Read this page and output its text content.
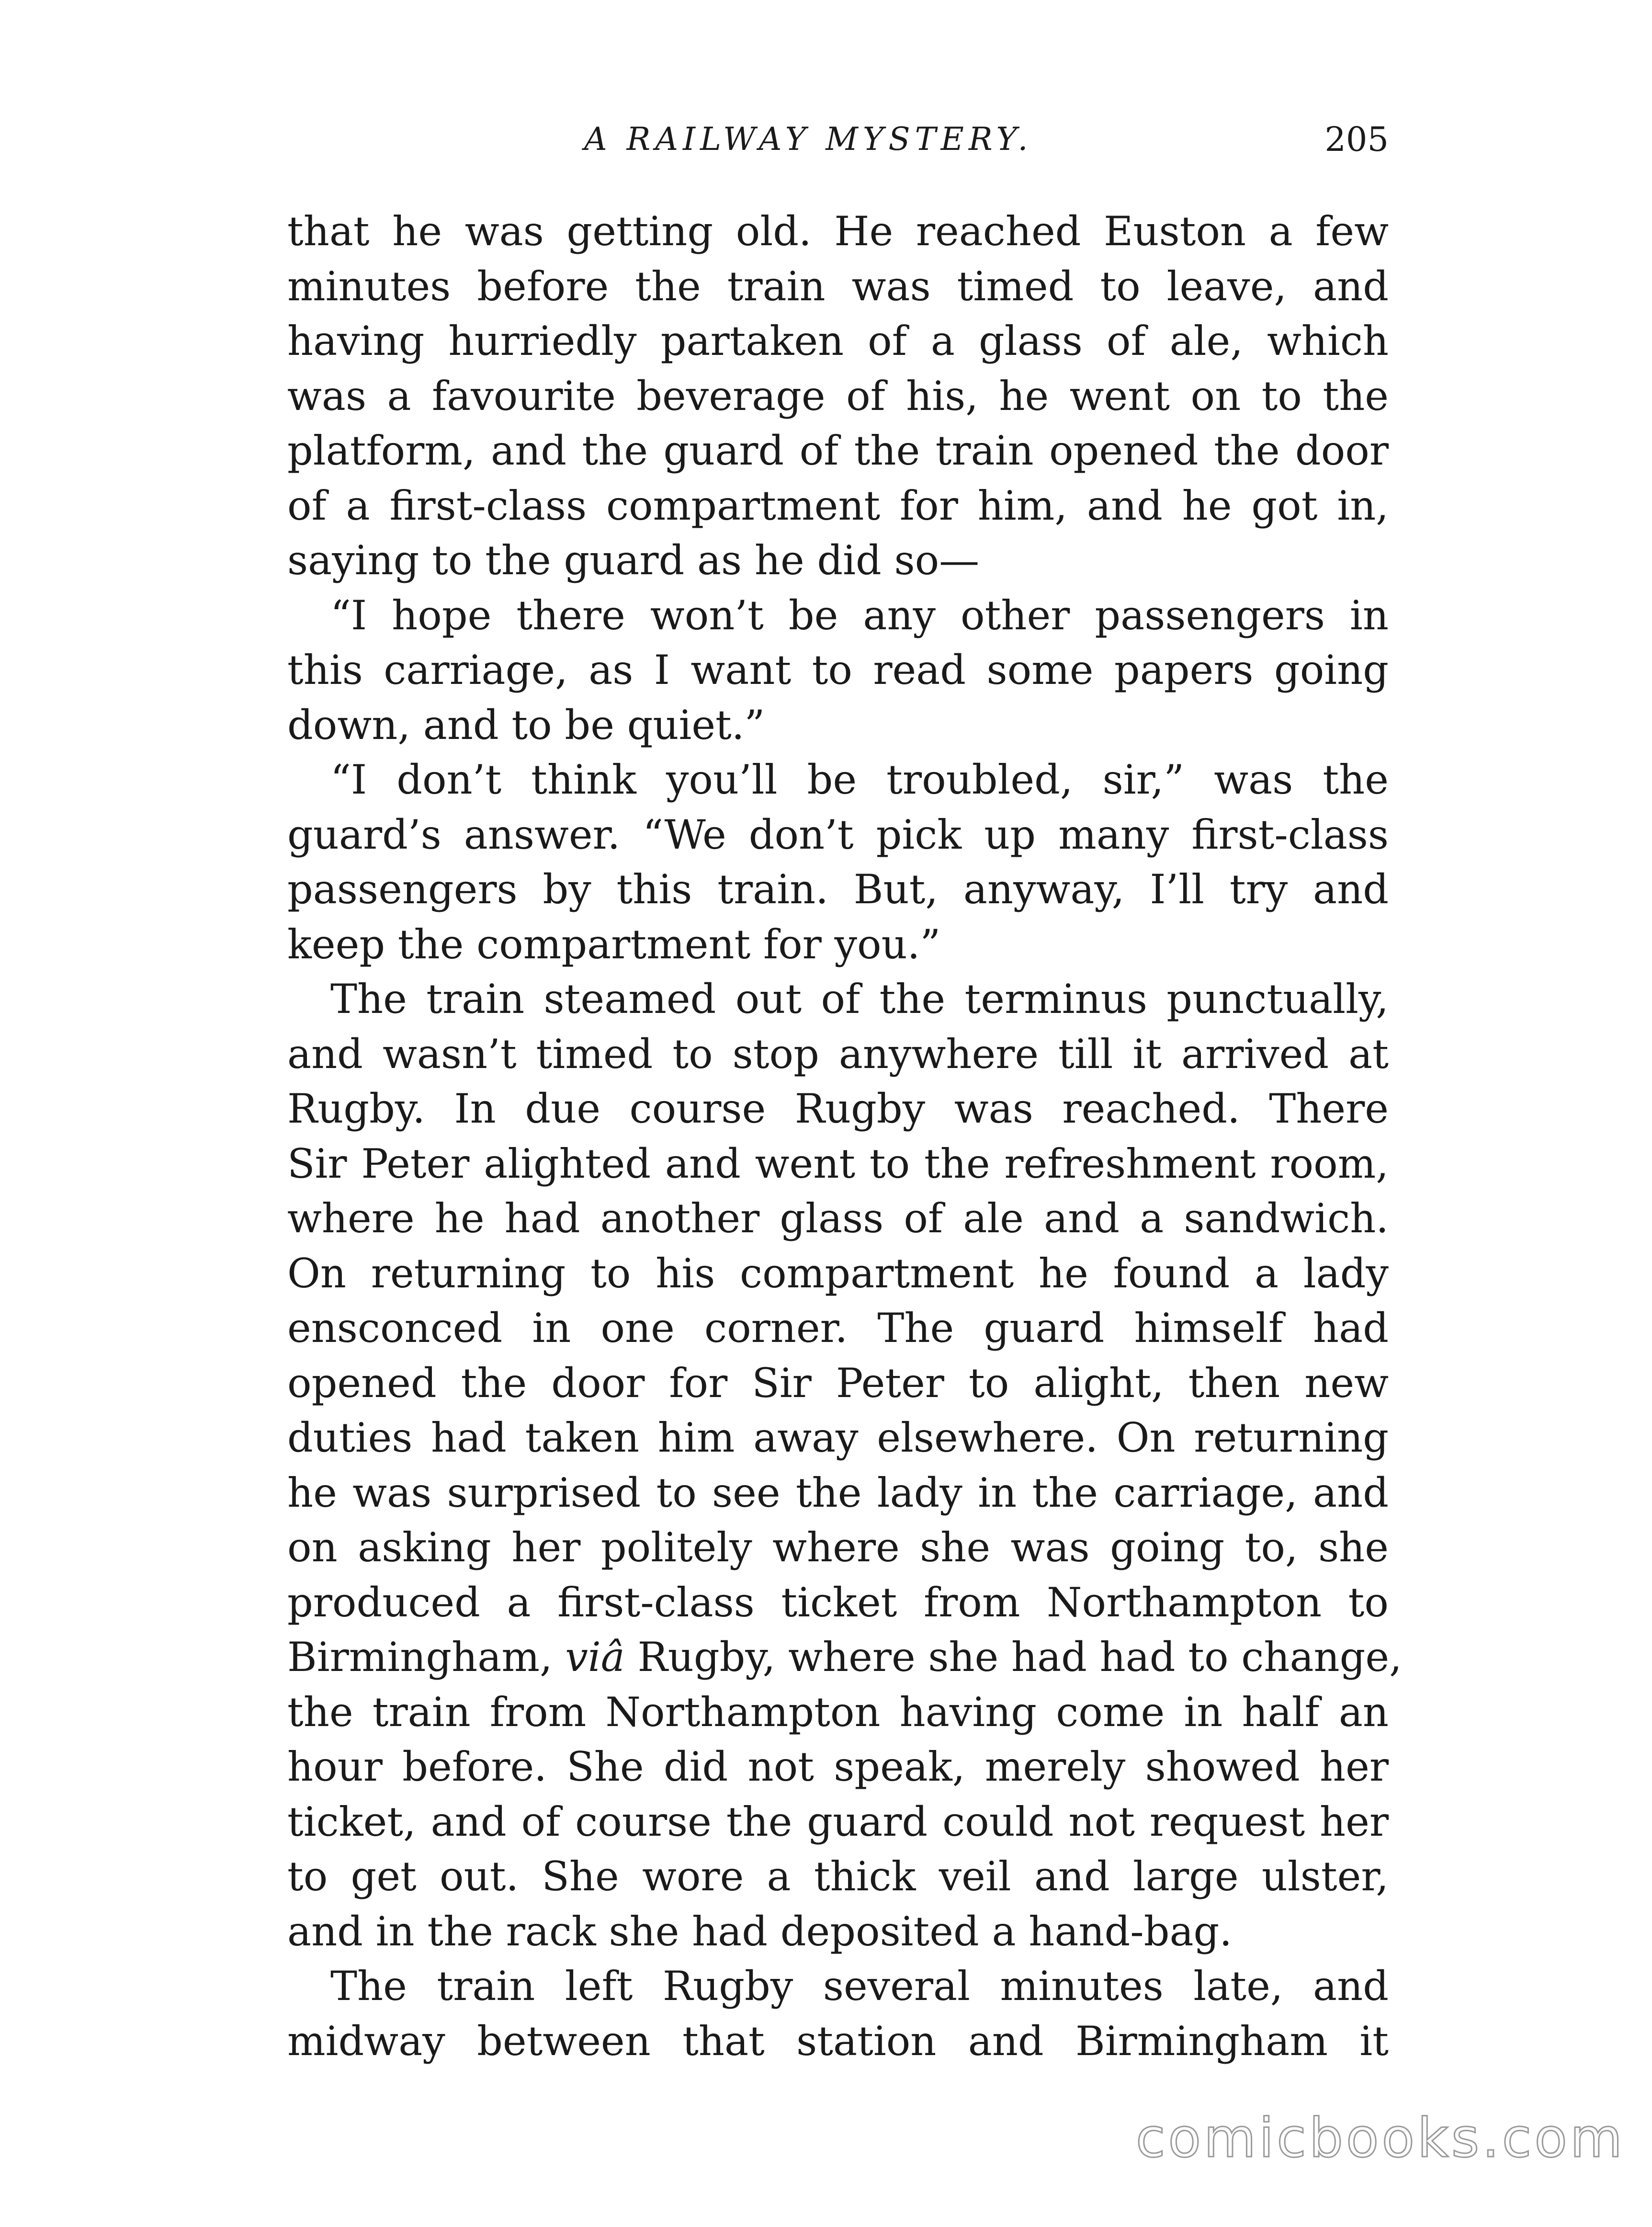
A RAILWAY MYSTERY.	205
that he was getting old. He reached Euston a few
minutes before the train was timed to leave, and
having hurriedly partaken of a glass of ale, which
was a favourite beverage of his, he went on to the
platform, and the guard of the train opened the door
of a first-class compartment for him, and he got in,
saying to the guard as he did so—
“I hope there won’t be any other passengers in
this carriage, as I want to read some papers going
down, and to be quiet.”
“I don’t think you’ll be troubled, sir,” was the
guard’s answer. “We don’t pick up many first-class
passengers by this train. But, anyway, I’ll try and
keep the compartment for you.”
The train steamed out of the terminus punctually,
and wasn’t timed to stop anywhere till it arrived at
Rugby. In due course Rugby was reached. There
Sir Peter alighted and went to the refreshment room,
where he had another glass of ale and a sandwich.
On returning to his compartment he found a lady
ensconced in one corner. The guard himself had
opened the door for Sir Peter to alight, then new
duties had taken him away elsewhere. On returning
he was surprised to see the lady in the carriage, and
on asking her politely where she was going to, she
produced a first-class ticket from Northampton to
Birmingham, viâ Rugby, where she had had to change,
the train from Northampton having come in half an
hour before. She did not speak, merely showed her
ticket, and of course the guard could not request her
to get out. She wore a thick veil and large ulster,
and in the rack she had deposited a hand-bag.
The train left Rugby several minutes late, and
midway between that station and Birmingham it
comicbooks.com
